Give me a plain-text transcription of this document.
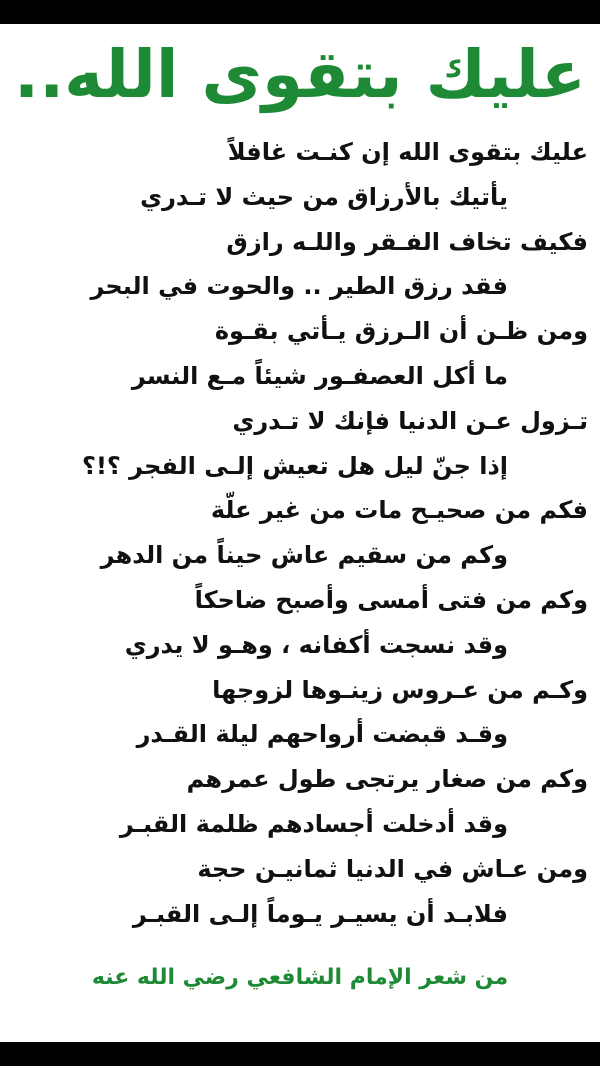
عليك بتقوى الله..
عليك بتقوى الله إن كنـت غافلاً
يأتيك بالأرزاق من حيث لا تـدري
فكيف تخاف الفـقر واللـه رازق
فقد رزق الطير .. والحوت في البحر
ومن ظـن أن الـرزق يـأتي بقـوة
ما أكل العصفـور شيئاً مـع النسر
تـزول عـن الدنيا فإنك لا تـدري
إذا جنّ ليل هل تعيش إلـى الفجر ؟!؟
فكم من صحيـح مات من غير علّة
وكم من سقيم عاش حيناً من الدهر
وكم من فتى أمسى وأصبح ضاحكاً
وقد نسجت أكفانه ، وهـو لا يدري
وكـم من عـروس زينـوها لزوجها
وقـد قبضت أرواحهم ليلة القـدر
وكم من صغار يرتجى طول عمرهم
وقد أدخلت أجسادهم ظلمة القبـر
ومن عـاش في الدنيا ثمانيـن حجة
فلابـد أن يسيـر يـوماً إلـى القبـر
من شعر الإمام الشافعي رضي الله عنه
